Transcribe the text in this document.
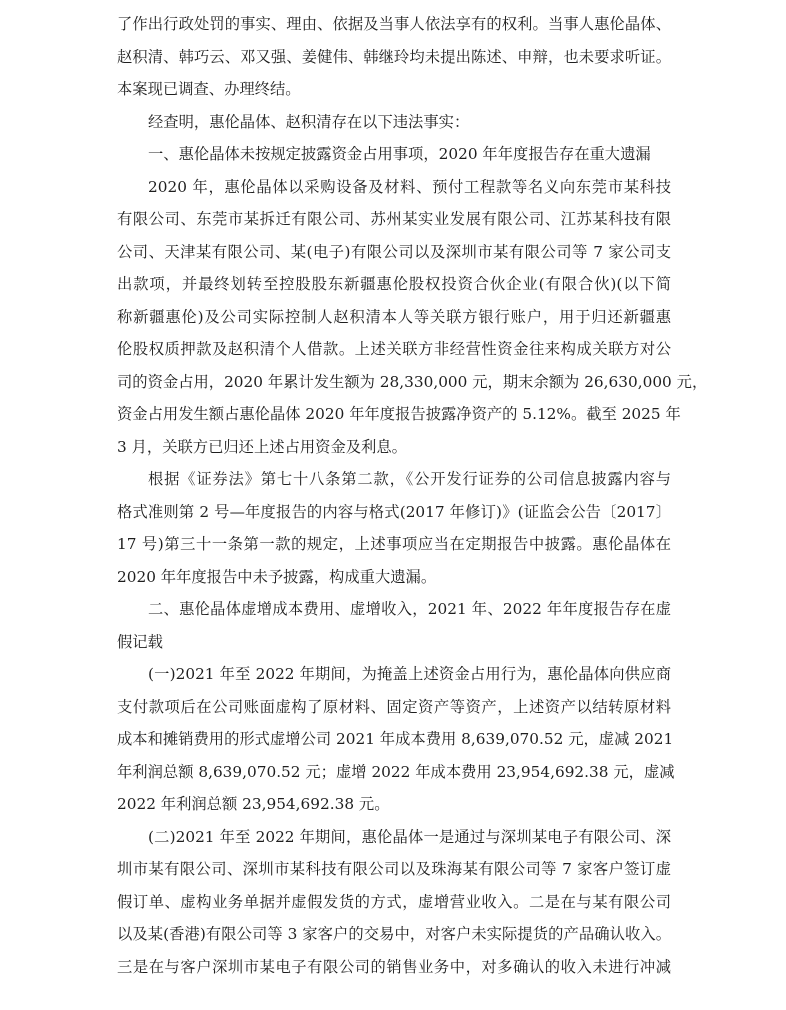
了作出行政处罚的事实、理由、依据及当事人依法享有的权利。当事人惠伦晶体、
赵积清、韩巧云、邓又强、姜健伟、韩继玲均未提出陈述、申辩，也未要求听证。
本案现已调查、办理终结。
经查明，惠伦晶体、赵积清存在以下违法事实：
一、惠伦晶体未按规定披露资金占用事项，2020 年年度报告存在重大遗漏
2020 年，惠伦晶体以采购设备及材料、预付工程款等名义向东莞市某科技
有限公司、东莞市某拆迁有限公司、苏州某实业发展有限公司、江苏某科技有限
公司、天津某有限公司、某(电子)有限公司以及深圳市某有限公司等 7 家公司支
出款项，并最终划转至控股股东新疆惠伦股权投资合伙企业(有限合伙)(以下简
称新疆惠伦)及公司实际控制人赵积清本人等关联方银行账户，用于归还新疆惠
伦股权质押款及赵积清个人借款。上述关联方非经营性资金往来构成关联方对公
司的资金占用，2020 年累计发生额为 28,330,000 元，期末余额为 26,630,000 元，
资金占用发生额占惠伦晶体 2020 年年度报告披露净资产的 5.12%。截至 2025 年
3 月，关联方已归还上述占用资金及利息。
根据《证券法》第七十八条第二款，《公开发行证券的公司信息披露内容与
格式准则第 2 号—年度报告的内容与格式(2017 年修订)》(证监会公告〔2017〕
17 号)第三十一条第一款的规定，上述事项应当在定期报告中披露。惠伦晶体在
2020 年年度报告中未予披露，构成重大遗漏。
二、惠伦晶体虚增成本费用、虚增收入，2021 年、2022 年年度报告存在虚
假记载
(一)2021 年至 2022 年期间，为掩盖上述资金占用行为，惠伦晶体向供应商
支付款项后在公司账面虚构了原材料、固定资产等资产，上述资产以结转原材料
成本和摊销费用的形式虚增公司 2021 年成本费用 8,639,070.52 元，虚减 2021
年利润总额 8,639,070.52 元；虚增 2022 年成本费用 23,954,692.38 元，虚减
2022 年利润总额 23,954,692.38 元。
(二)2021 年至 2022 年期间，惠伦晶体一是通过与深圳某电子有限公司、深
圳市某有限公司、深圳市某科技有限公司以及珠海某有限公司等 7 家客户签订虚
假订单、虚构业务单据并虚假发货的方式，虚增营业收入。二是在与某有限公司
以及某(香港)有限公司等 3 家客户的交易中，对客户未实际提货的产品确认收入。
三是在与客户深圳市某电子有限公司的销售业务中，对多确认的收入未进行冲减
